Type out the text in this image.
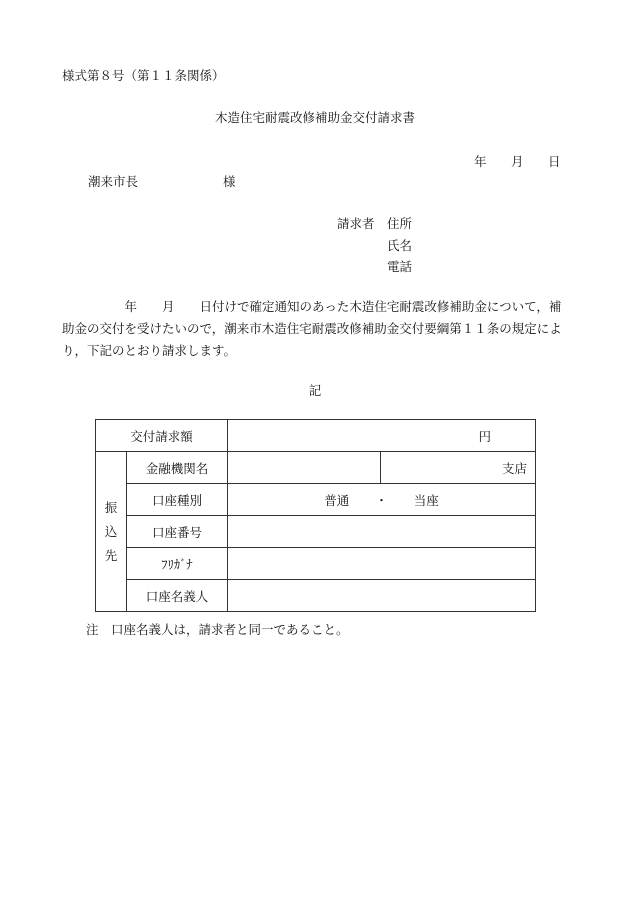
様式第８号（第１１条関係）
木造住宅耐震改修補助金交付請求書
年 月 日
潮来市長	様
請求者 住所
氏名
電話
　　　　　年　　月　　日付けで確定通知のあった木造住宅耐震改修補助金について，補
助金の交付を受けたいので，潮来市木造住宅耐震改修補助金交付要綱第１１条の規定によ
り，下記のとおり請求します。
記
交付請求額		円	
振
込
先	金融機関名		支店
	口座種別	普通 ・ 当座	

	口座番号		
	ﾌﾘｶﾞﾅ		
	口座名義人		
注　口座名義人は，請求者と同一であること。
